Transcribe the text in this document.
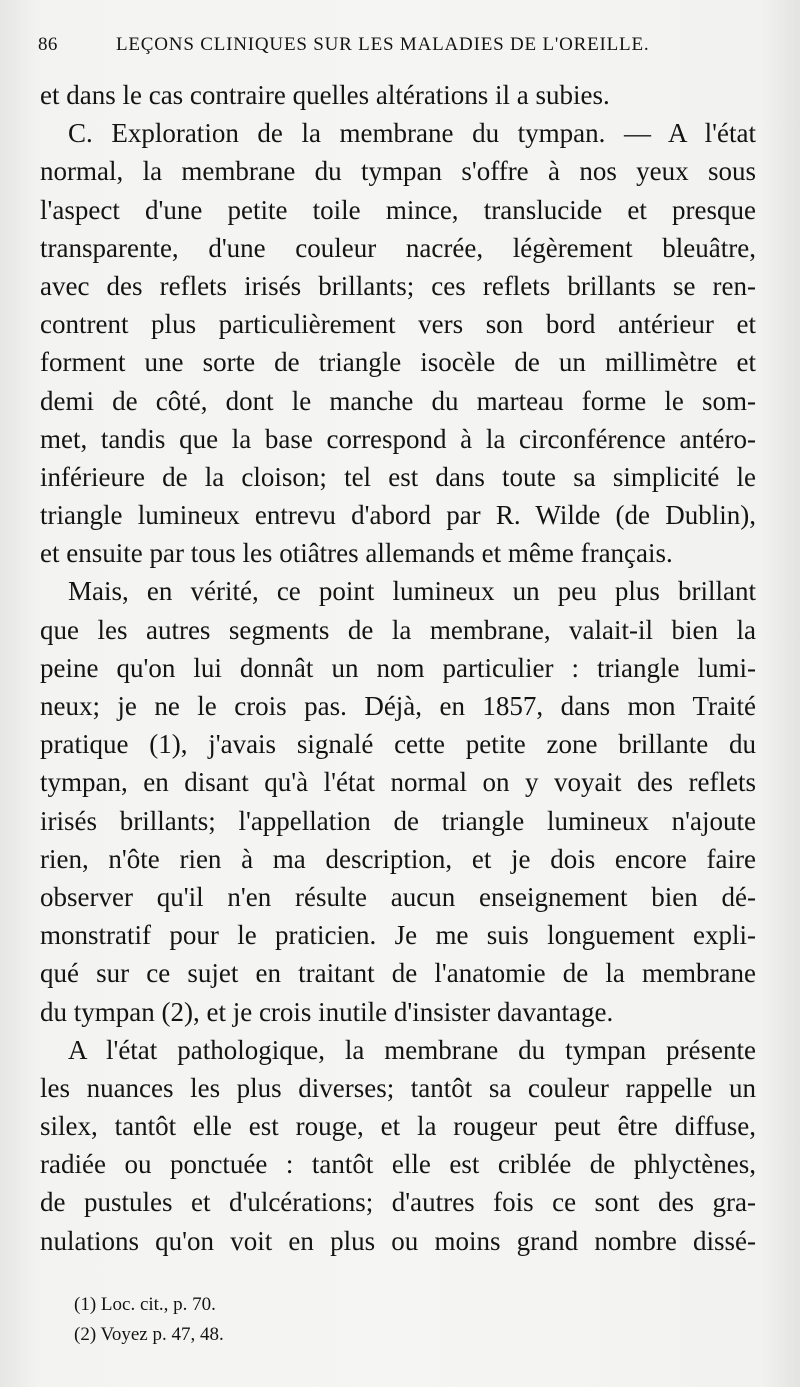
86	LEÇONS CLINIQUES SUR LES MALADIES DE L'OREILLE.
et dans le cas contraire quelles altérations il a subies.
C. Exploration de la membrane du tympan. — A l'état
normal, la membrane du tympan s'offre à nos yeux sous
l'aspect d'une petite toile mince, translucide et presque
transparente, d'une couleur nacrée, légèrement bleuâtre,
avec des reflets irisés brillants; ces reflets brillants se ren-
contrent plus particulièrement vers son bord antérieur et
forment une sorte de triangle isocèle de un millimètre et
demi de côté, dont le manche du marteau forme le som-
met, tandis que la base correspond à la circonférence antéro-
inférieure de la cloison; tel est dans toute sa simplicité le
triangle lumineux entrevu d'abord par R. Wilde (de Dublin),
et ensuite par tous les otiâtres allemands et même français.
Mais, en vérité, ce point lumineux un peu plus brillant
que les autres segments de la membrane, valait-il bien la
peine qu'on lui donnât un nom particulier : triangle lumi-
neux; je ne le crois pas. Déjà, en 1857, dans mon Traité
pratique (1), j'avais signalé cette petite zone brillante du
tympan, en disant qu'à l'état normal on y voyait des reflets
irisés brillants; l'appellation de triangle lumineux n'ajoute
rien, n'ôte rien à ma description, et je dois encore faire
observer qu'il n'en résulte aucun enseignement bien dé-
monstratif pour le praticien. Je me suis longuement expli-
qué sur ce sujet en traitant de l'anatomie de la membrane
du tympan (2), et je crois inutile d'insister davantage.
A l'état pathologique, la membrane du tympan présente
les nuances les plus diverses; tantôt sa couleur rappelle un
silex, tantôt elle est rouge, et la rougeur peut être diffuse,
radiée ou ponctuée : tantôt elle est criblée de phlyctènes,
de pustules et d'ulcérations; d'autres fois ce sont des gra-
nulations qu'on voit en plus ou moins grand nombre dissé-
(1) Loc. cit., p. 70.
(2) Voyez p. 47, 48.
